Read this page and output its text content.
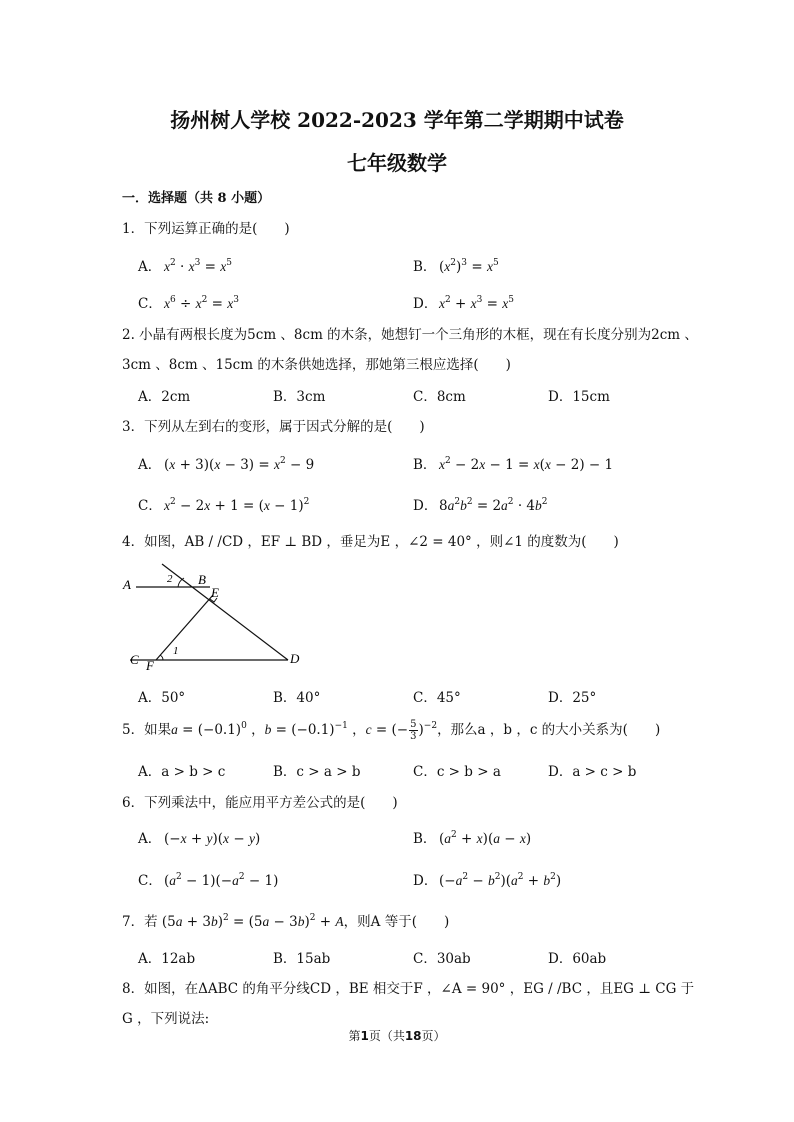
扬州树人学校 2022-2023 学年第二学期期中试卷
七年级数学
一．选择题（共 8 小题）
1．下列运算正确的是(　　)
A． $x^2 \cdot x^3 = x^5$	B． $(x^2)^3 = x^5$
C． $x^6 \div x^2 = x^3$	D． $x^2 + x^3 = x^5$
2. 小晶有两根长度为5cm 、8cm 的木条，她想钉一个三角形的木框，现在有长度分别为2cm 、
3cm 、8cm 、15cm 的木条供她选择，那她第三根应选择(　　)
A．2cm	B．3cm	C．8cm	D．15cm
3．下列从左到右的变形，属于因式分解的是(　　)
A． $(x + 3)(x - 3) = x^2 - 9$	B． $x^2 - 2x - 1 = x(x - 2) - 1$
C． $x^2 - 2x + 1 = (x - 1)^2$	D． $8a^2b^2 = 2a^2 \cdot 4b^2$
4．如图，AB / /CD ，EF ⊥ BD ，垂足为E ，∠2 = 40° ，则∠1 的度数为(　　)
A	B
E
C F	D
1
2
A．50°	B．40°	C．45°	D．25°
5．如果$a = (-0.1)^0$ ，$b = (-0.1)^{-1}$ ，c = (− $\frac{5}{3} )^{-2}$，那么a ，b ，c 的大小关系为(　　)
A．a > b > c	B．c > a > b	C．c > b > a	D．a > c > b
6．下列乘法中，能应用平方差公式的是(　　)
A． (−x + y)(x − y)	B． $(a^2 + x)(a - x)$
C． $(a^2 - 1)(-a^2 - 1)$	D． $(-a^2 - b^2)(a^2 + b^2)$
7．若 $(5a + 3b)^2 = (5a - 3b)^2 + A$，则A 等于(　　)
A．12ab	B．15ab	C．30ab	D．60ab
8．如图，在ΔABC 的角平分线CD ，BE 相交于F ，∠A = 90° ，EG / /BC ，且EG ⊥ CG 于
G ，下列说法:
第1页（共18页）
